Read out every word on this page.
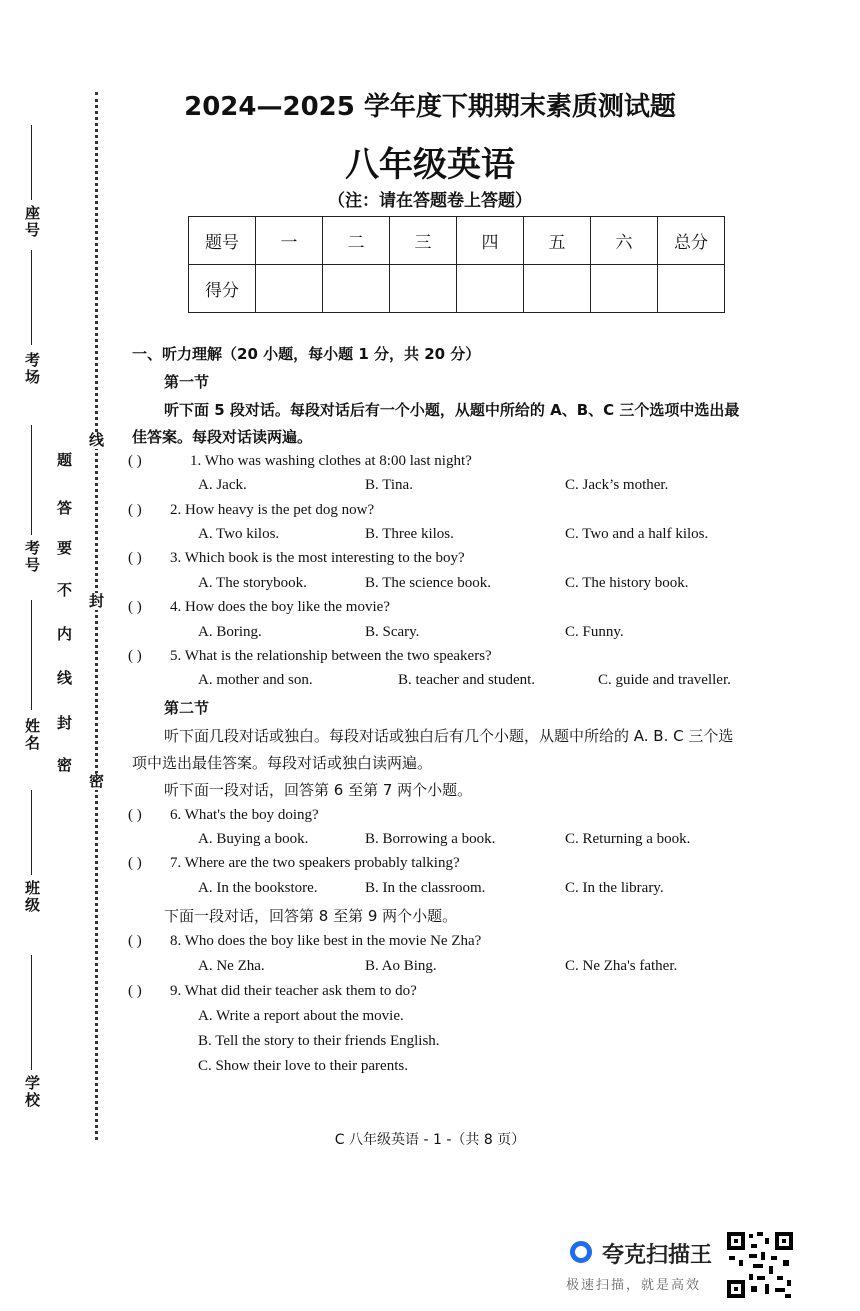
座号
考场
考号
姓名
班级
学校
题
答
要
不
内
线
封
密
线
封
密
2024—2025 学年度下期期末素质测试题
八年级英语
（注：请在答题卷上答题）
题号	一	二	三	四	五	六	总分
得分							
一、听力理解（20 小题，每小题 1 分，共 20 分）
第一节
听下面 5 段对话。每段对话后有一个小题，从题中所给的 A、B、C 三个选项中选出最
佳答案。每段对话读两遍。
( )	1. Who was washing clothes at 8:00 last night?
A. Jack.	B. Tina.	C. Jack’s mother.
( ) 2. How heavy is the pet dog now?
A. Two kilos.	B. Three kilos.	C. Two and a half kilos.
( ) 3. Which book is the most interesting to the boy?
A. The storybook.	B. The science book.	C. The history book.
( ) 4. How does the boy like the movie?
A. Boring.	B. Scary.	C. Funny.
( ) 5. What is the relationship between the two speakers?
A. mother and son.	B. teacher and student.	C. guide and traveller.
第二节
听下面几段对话或独白。每段对话或独白后有几个小题，从题中所给的 A. B. C 三个选
项中选出最佳答案。每段对话或独白读两遍。
听下面一段对话，回答第 6 至第 7 两个小题。
( ) 6. What's the boy doing?
A. Buying a book.	B. Borrowing a book.	C. Returning a book.
( ) 7. Where are the two speakers probably talking?
A. In the bookstore.	B. In the classroom.	C. In the library.
下面一段对话，回答第 8 至第 9 两个小题。
( ) 8. Who does the boy like best in the movie Ne Zha?
A. Ne Zha.	B. Ao Bing.	C. Ne Zha's father.
( ) 9. What did their teacher ask them to do?
A. Write a report about the movie.
B. Tell the story to their friends English.
C. Show their love to their parents.
C 八年级英语 - 1 -（共 8 页）
夸克扫描王
极速扫描，就是高效
